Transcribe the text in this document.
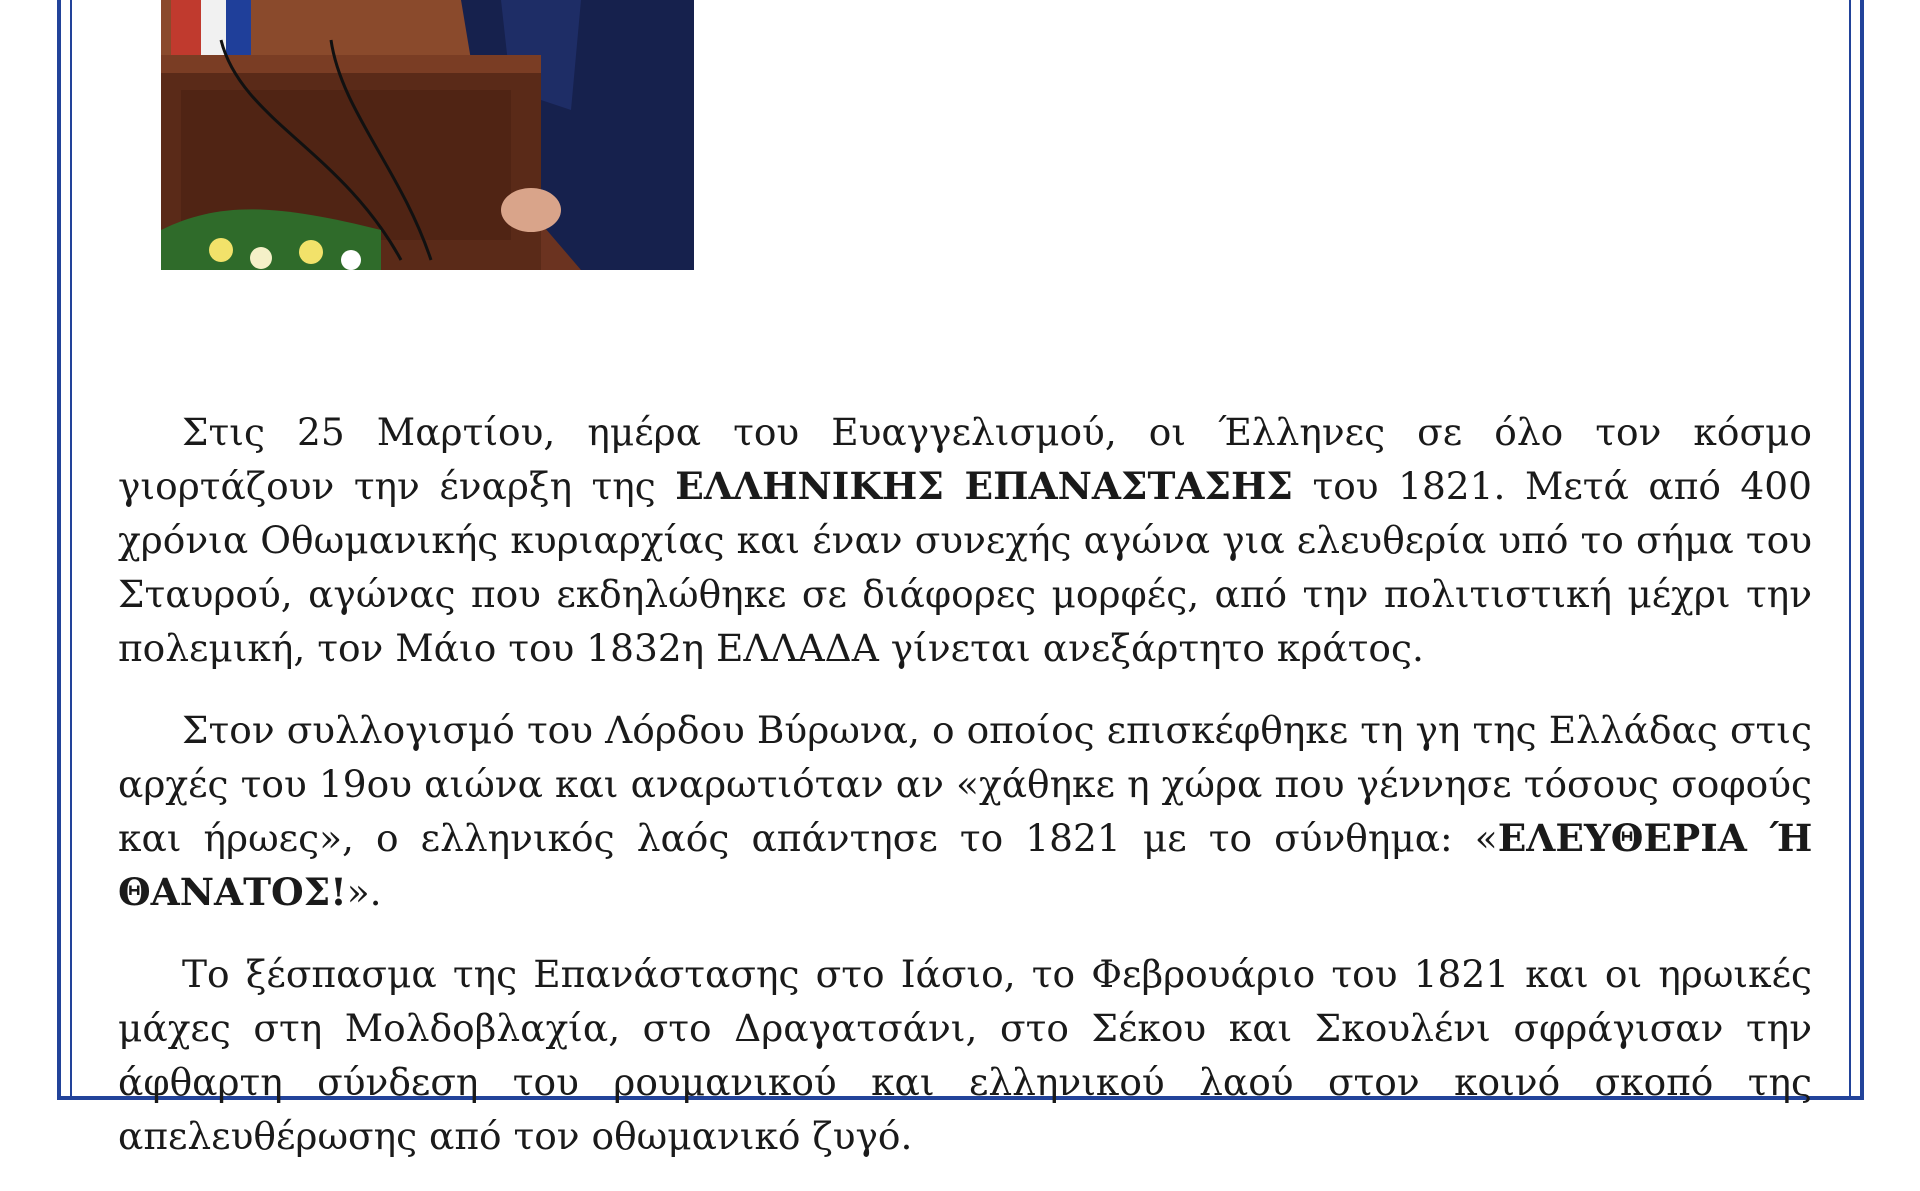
Στις 25 Μαρτίου, ημέρα του Ευαγγελισμού, οι Έλληνες σε όλο τον κόσμο γιορτάζουν την έναρξη της ΕΛΛΗΝΙΚΗΣ ΕΠΑΝΑΣΤΑΣΗΣ του 1821. Μετά από 400 χρόνια Οθωμανικής κυριαρχίας και έναν συνεχής αγώνα για ελευθερία υπό το σήμα του Σταυρού, αγώνας που εκδηλώθηκε σε διάφορες μορφές, από την πολιτιστική μέχρι την πολεμική, τον Μάιο του 1832η ΕΛΛΑΔΑ γίνεται ανεξάρτητο κράτος.

Στον συλλογισμό του Λόρδου Βύρωνα, ο οποίος επισκέφθηκε τη γη της Ελλάδας στις αρχές του 19ου αιώνα και αναρωτιόταν αν «χάθηκε η χώρα που γέννησε τόσους σοφούς και ήρωες», ο ελληνικός λαός απάντησε το 1821 με το σύνθημα: «ΕΛΕΥΘΕΡΙΑ Ή ΘΑΝΑΤΟΣ!».

Το ξέσπασμα της Επανάστασης στο Ιάσιο, το Φεβρουάριο του 1821 και οι ηρωικές μάχες στη Μολδοβλαχία, στο Δραγατσάνι, στο Σέκου και Σκουλένι σφράγισαν την άφθαρτη σύνδεση του ρουμανικού και ελληνικού λαού στον κοινό σκοπό της απελευθέρωσης από τον οθωμανικό ζυγό.
